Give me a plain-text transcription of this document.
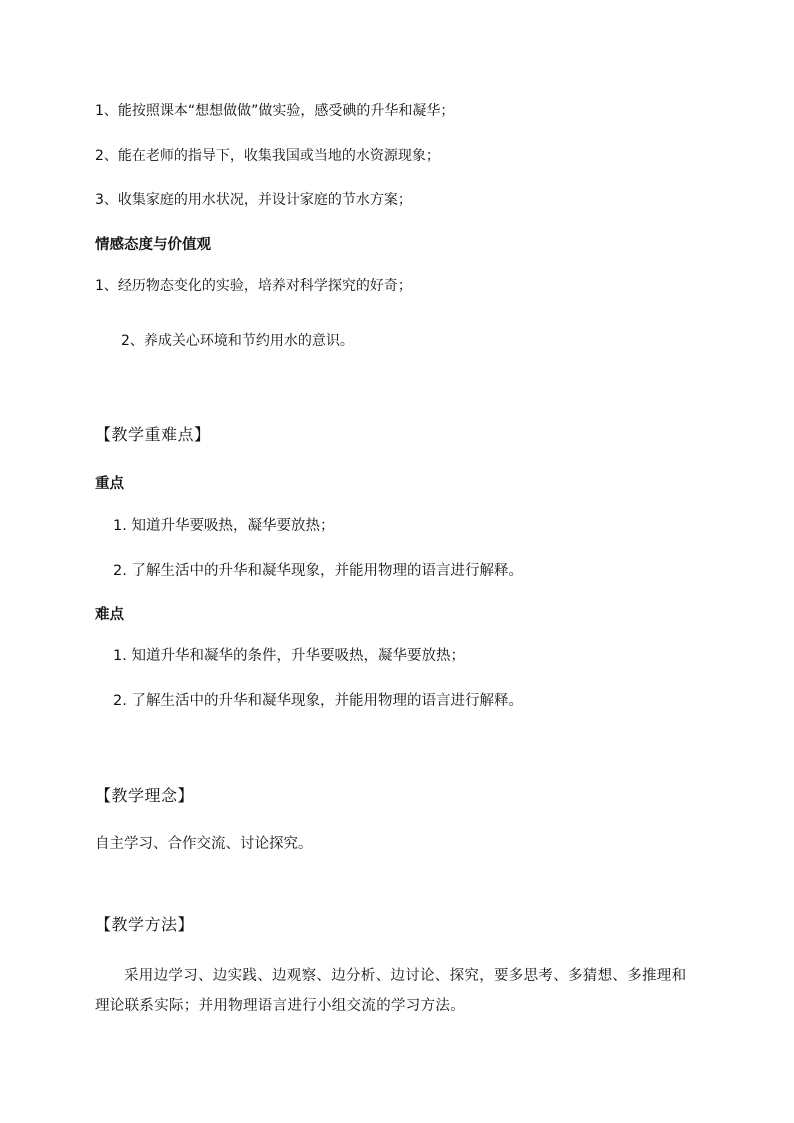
1、能按照课本“想想做做”做实验，感受碘的升华和凝华；
2、能在老师的指导下，收集我国或当地的水资源现象；
3、收集家庭的用水状况，并设计家庭的节水方案；
情感态度与价值观
1、经历物态变化的实验，培养对科学探究的好奇；
2、养成关心环境和节约用水的意识。
【教学重难点】
重点
1. 知道升华要吸热，凝华要放热；
2. 了解生活中的升华和凝华现象，并能用物理的语言进行解释。
难点
1. 知道升华和凝华的条件，升华要吸热，凝华要放热；
2. 了解生活中的升华和凝华现象，并能用物理的语言进行解释。
【教学理念】
自主学习、合作交流、讨论探究。
【教学方法】
采用边学习、边实践、边观察、边分析、边讨论、探究，要多思考、多猜想、多推理和理论联系实际；并用物理语言进行小组交流的学习方法。
